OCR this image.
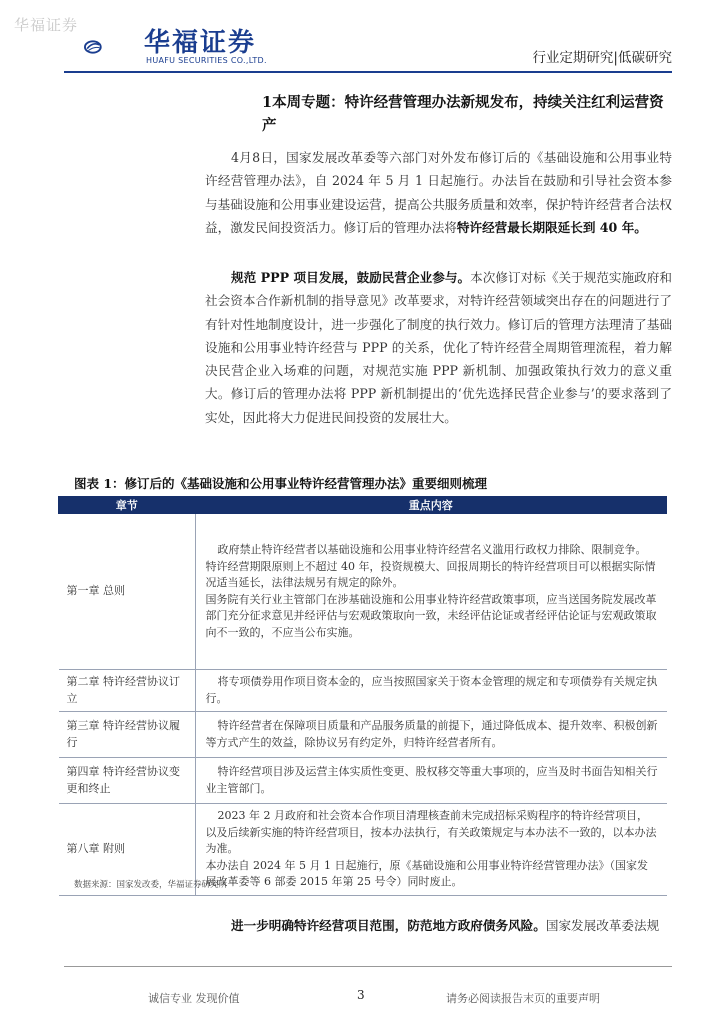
华福证券
华福证券
HUAFU SECURITIES CO.,LTD.	行业定期研究|低碳研究
1本周专题：特许经营管理办法新规发布，持续关注红利运营资产
4月8日，国家发展改革委等六部门对外发布修订后的《基础设施和公用事业特许经营管理办法》，自 2024 年 5 月 1 日起施行。办法旨在鼓励和引导社会资本参与基础设施和公用事业建设运营，提高公共服务质量和效率，保护特许经营者合法权益，激发民间投资活力。修订后的管理办法将特许经营最长期限延长到 40 年。
规范 PPP 项目发展，鼓励民营企业参与。本次修订对标《关于规范实施政府和社会资本合作新机制的指导意见》改革要求，对特许经营领域突出存在的问题进行了有针对性地制度设计，进一步强化了制度的执行效力。修订后的管理方法理清了基础设施和公用事业特许经营与 PPP 的关系，优化了特许经营全周期管理流程，着力解决民营企业入场难的问题，对规范实施 PPP 新机制、加强政策执行效力的意义重大。修订后的管理办法将 PPP 新机制提出的‘优先选择民营企业参与’的要求落到了实处，因此将大力促进民间投资的发展壮大。
图表 1：修订后的《基础设施和公用事业特许经营管理办法》重要细则梳理
章节	重点内容
第一章 总则	政府禁止特许经营者以基础设施和公用事业特许经营名义滥用行政权力排除、限制竞争。
特许经营期限原则上不超过 40 年，投资规模大、回报周期长的特许经营项目可以根据实际情况适当延长，法律法规另有规定的除外。
国务院有关行业主管部门在涉基础设施和公用事业特许经营政策事项，应当送国务院发展改革部门充分征求意见并经评估与宏观政策取向一致，未经评估论证或者经评估论证与宏观政策取向不一致的，不应当公布实施。

第二章 特许经营协议订立	将专项债券用作项目资本金的，应当按照国家关于资本金管理的规定和专项债券有关规定执行。

第三章 特许经营协议履行	特许经营者在保障项目质量和产品服务质量的前提下，通过降低成本、提升效率、积极创新等方式产生的效益，除协议另有约定外，归特许经营者所有。

第四章 特许经营协议变更和终止	特许经营项目涉及运营主体实质性变更、股权移交等重大事项的，应当及时书面告知相关行业主管部门。

第八章 附则	2023 年 2 月政府和社会资本合作项目清理核查前未完成招标采购程序的特许经营项目，以及后续新实施的特许经营项目，按本办法执行，有关政策规定与本办法不一致的，以本办法为准。
本办法自 2024 年 5 月 1 日起施行，原《基础设施和公用事业特许经营管理办法》（国家发展改革委等 6 部委 2015 年第 25 号令）同时废止。
数据来源：国家发改委，华福证券研究所
进一步明确特许经营项目范围，防范地方政府债务风险。国家发展改革委法规
诚信专业 发现价值	3	请务必阅读报告末页的重要声明
